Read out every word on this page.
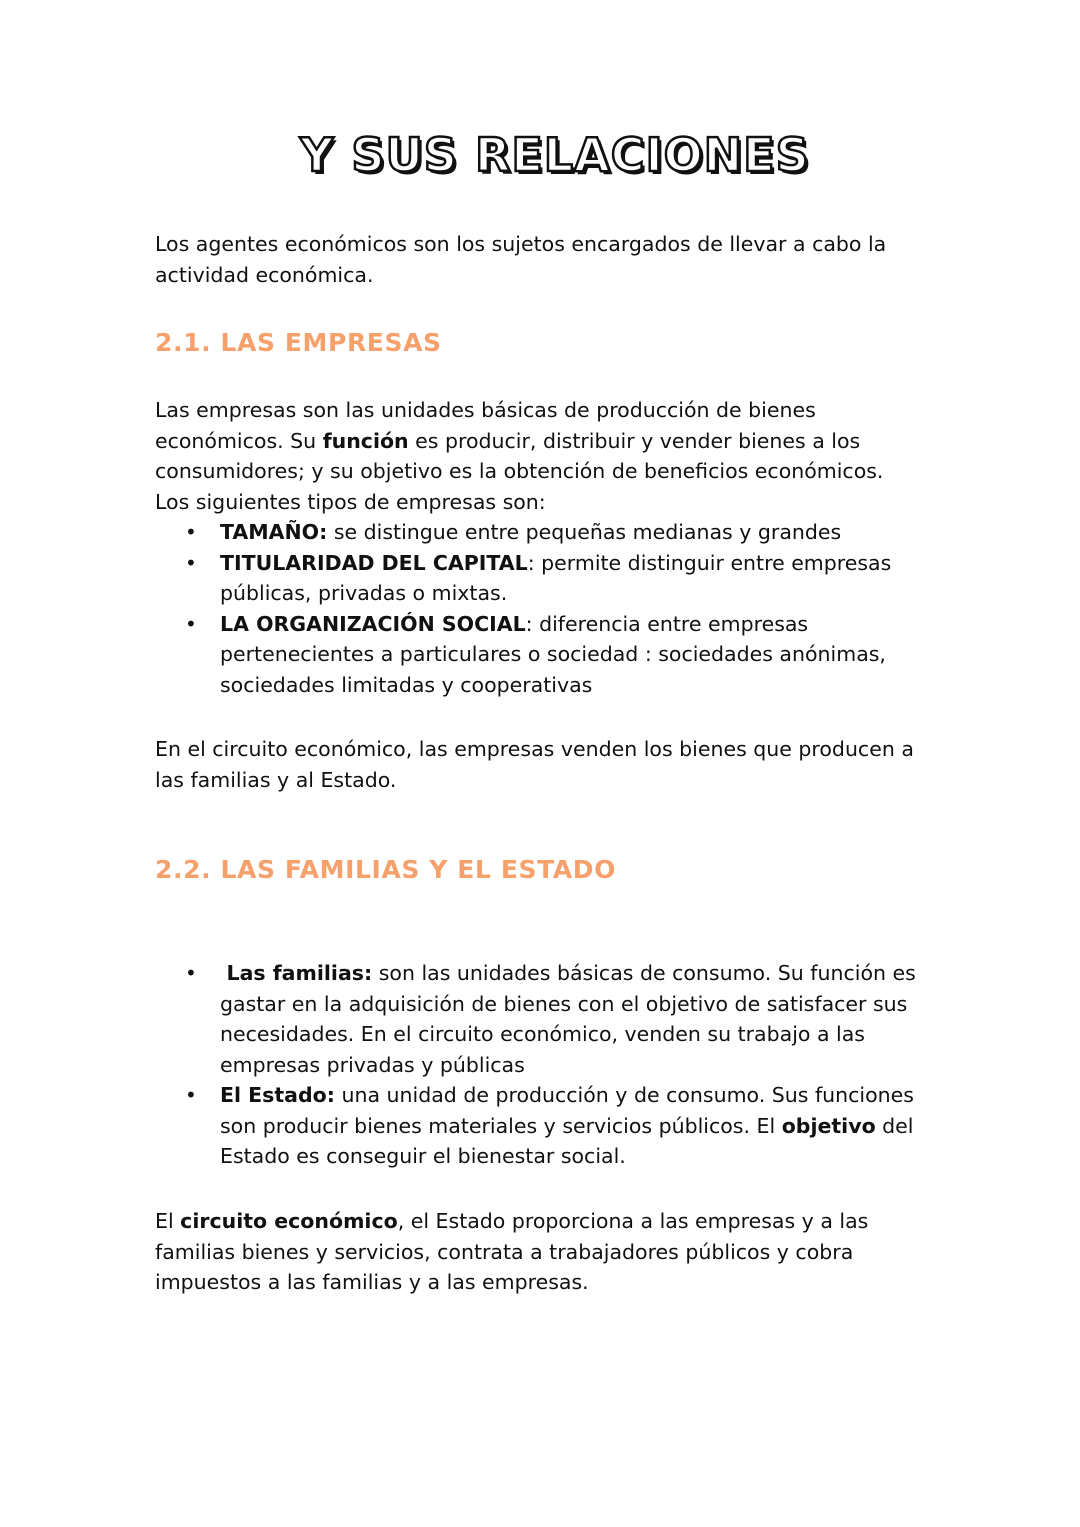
Y SUS RELACIONES

Los agentes económicos son los sujetos encargados de llevar a cabo la actividad económica.

2.1. LAS EMPRESAS

Las empresas son las unidades básicas de producción de bienes económicos. Su función es producir, distribuir y vender bienes a los consumidores; y su objetivo es la obtención de beneficios económicos.

Los siguientes tipos de empresas son:

• TAMAÑO: se distingue entre pequeñas medianas y grandes
• TITULARIDAD DEL CAPITAL: permite distinguir entre empresas públicas, privadas o mixtas.
• LA ORGANIZACIÓN SOCIAL: diferencia entre empresas pertenecientes a particulares o sociedad : sociedades anónimas, sociedades limitadas y cooperativas

En el circuito económico, las empresas venden los bienes que producen a las familias y al Estado.

2.2. LAS FAMILIAS Y EL ESTADO
• Las familias: son las unidades básicas de consumo. Su función es gastar en la adquisición de bienes con el objetivo de satisfacer sus necesidades. En el circuito económico, venden su trabajo a las empresas privadas y públicas
• El Estado: una unidad de producción y de consumo. Sus funciones son producir bienes materiales y servicios públicos. El objetivo del Estado es conseguir el bienestar social.

El circuito económico, el Estado proporciona a las empresas y a las familias bienes y servicios, contrata a trabajadores públicos y cobra impuestos a las familias y a las empresas.
